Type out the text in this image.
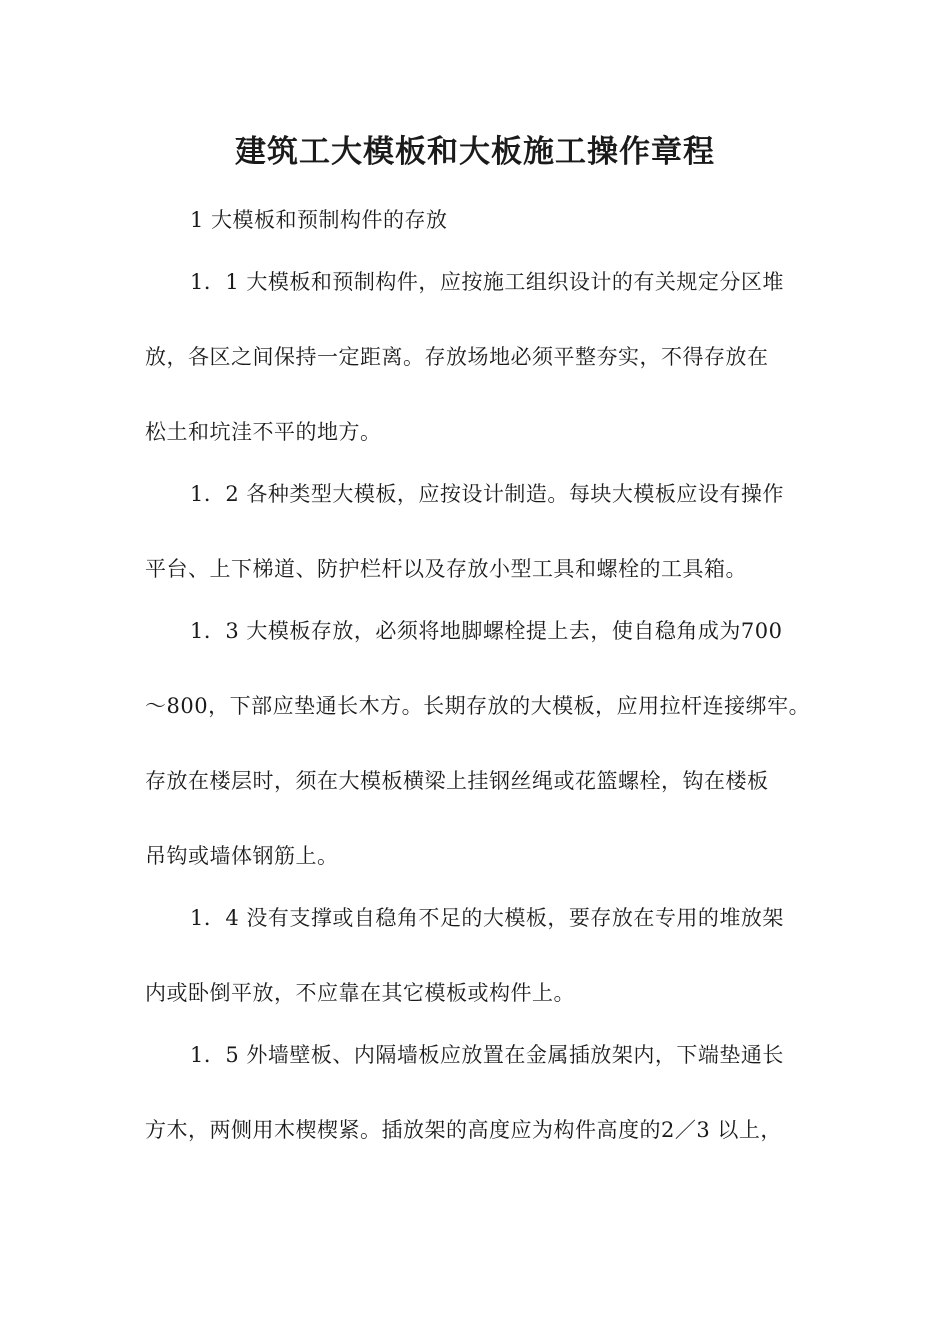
建筑工大模板和大板施工操作章程

1 大模板和预制构件的存放

1．1 大模板和预制构件，应按施工组织设计的有关规定分区堆

放，各区之间保持一定距离。存放场地必须平整夯实，不得存放在

松土和坑洼不平的地方。

1．2 各种类型大模板，应按设计制造。每块大模板应设有操作

平台、上下梯道、防护栏杆以及存放小型工具和螺栓的工具箱。

1．3 大模板存放，必须将地脚螺栓提上去，使自稳角成为700

～800，下部应垫通长木方。长期存放的大模板，应用拉杆连接绑牢。

存放在楼层时，须在大模板横梁上挂钢丝绳或花篮螺栓，钩在楼板

吊钩或墙体钢筋上。

1．4 没有支撑或自稳角不足的大模板，要存放在专用的堆放架

内或卧倒平放，不应靠在其它模板或构件上。

1．5 外墙壁板、内隔墙板应放置在金属插放架内，下端垫通长

方木，两侧用木楔楔紧。插放架的高度应为构件高度的2／3 以上，
